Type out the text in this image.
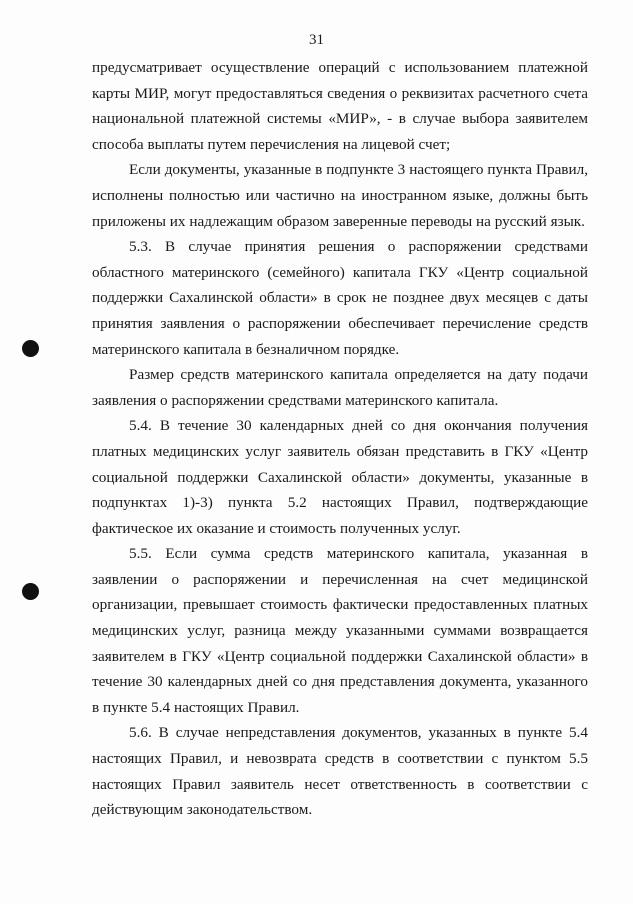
31

предусматривает осуществление операций с использованием платежной карты МИР, могут предоставляться сведения о реквизитах расчетного счета национальной платежной системы «МИР», - в случае выбора заявителем способа выплаты путем перечисления на лицевой счет;

Если документы, указанные в подпункте 3 настоящего пункта Правил, исполнены полностью или частично на иностранном языке, должны быть приложены их надлежащим образом заверенные переводы на русский язык.

5.3. В случае принятия решения о распоряжении средствами областного материнского (семейного) капитала ГКУ «Центр социальной поддержки Сахалинской области» в срок не позднее двух месяцев с даты принятия заявления о распоряжении обеспечивает перечисление средств материнского капитала в безналичном порядке.

Размер средств материнского капитала определяется на дату подачи заявления о распоряжении средствами материнского капитала.

5.4. В течение 30 календарных дней со дня окончания получения платных медицинских услуг заявитель обязан представить в ГКУ «Центр социальной поддержки Сахалинской области» документы, указанные в подпунктах 1)-3) пункта 5.2 настоящих Правил, подтверждающие фактическое их оказание и стоимость полученных услуг.

5.5. Если сумма средств материнского капитала, указанная в заявлении о распоряжении и перечисленная на счет медицинской организации, превышает стоимость фактически предоставленных платных медицинских услуг, разница между указанными суммами возвращается заявителем в ГКУ «Центр социальной поддержки Сахалинской области» в течение 30 календарных дней со дня представления документа, указанного в пункте 5.4 настоящих Правил.

5.6. В случае непредставления документов, указанных в пункте 5.4 настоящих Правил, и невозврата средств в соответствии с пунктом 5.5 настоящих Правил заявитель несет ответственность в соответствии с действующим законодательством.
